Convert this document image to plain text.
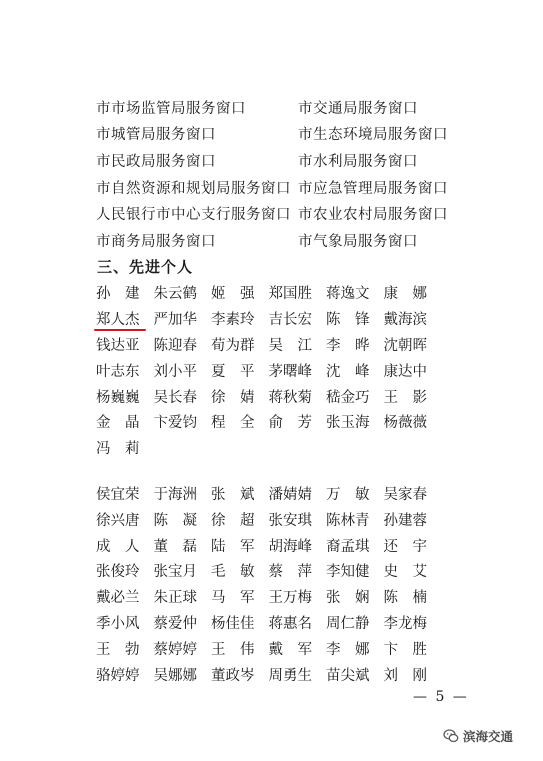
市市场监管局服务窗口	市交通局服务窗口
市城管局服务窗口	市生态环境局服务窗口
市民政局服务窗口	市水利局服务窗口
市自然资源和规划局服务窗口 市应急管理局服务窗口
人民银行市中心支行服务窗口 市农业农村局服务窗口
市商务局服务窗口	市气象局服务窗口
三、先进个人
孙　建 朱云鹤 姬　强 郑国胜 蒋逸文 康　娜
郑人杰 严加华 李素玲 吉长宏 陈　锋 戴海滨
钱达亚 陈迎春 荀为群 吴　江 李　晔 沈朝晖
叶志东 刘小平 夏　平 茅曙峰 沈　峰 康达中
杨巍巍 吴长春 徐　婧 蒋秋菊 嵇金巧 王　影
金　晶 卞爱钧 程　全 俞　芳 张玉海 杨薇薇
冯　莉
侯宜荣 于海洲 张　斌 潘婧婧 万　敏 吴家春
徐兴唐 陈　凝 徐　超 张安琪 陈林青 孙建蓉
成　人 董　磊 陆　军 胡海峰 裔孟琪 还　宇
张俊玲 张宝月 毛　敏 蔡　萍 李知健 史　艾
戴必兰 朱正球 马　军 王万梅 张　娴 陈　楠
季小风 蔡爱仲 杨佳佳 蒋惠名 周仁静 李龙梅
王　勃 蔡婷婷 王　伟 戴　军 李　娜 卞　胜
骆婷婷 吴娜娜 董政岑 周勇生 苗尖斌 刘　刚
— 5 —
滨海交通
